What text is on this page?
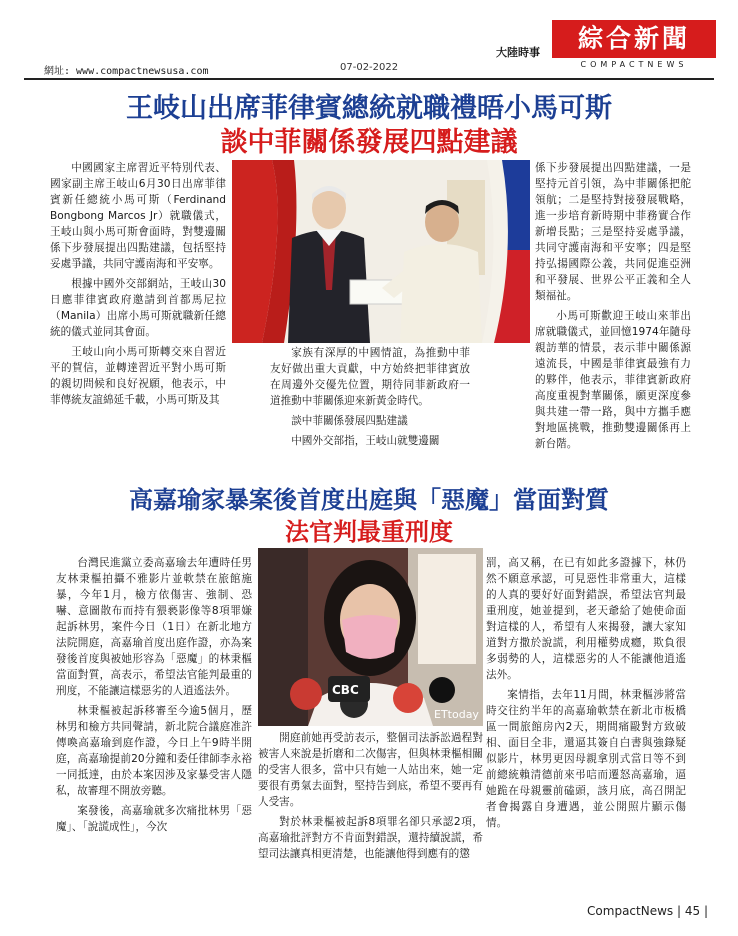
網址: www.compactnewsusa.com	07-02-2022
大陸時事	綜合新聞
COMPACTNEWS
王岐山出席菲律賓總統就職禮晤小馬可斯
談中菲關係發展四點建議

中國國家主席習近平特別代表、國家副主席王岐山6月30日出席菲律賓新任總統小馬可斯（Ferdinand Bongbong Marcos Jr）就職儀式，王岐山與小馬可斯會面時，對雙邊關係下步發展提出四點建議，包括堅持妥處爭議，共同守護南海和平安寧。

根據中國外交部網站，王岐山30日應菲律賓政府邀請到首都馬尼拉（Manila）出席小馬可斯就職新任總統的儀式並同其會面。

王岐山向小馬可斯轉交來自習近平的賀信，並轉達習近平對小馬可斯的親切問候和良好祝願，他表示，中菲傳統友誼綿延千載，小馬可斯及其

家族有深厚的中國情誼，為推動中菲友好做出重大貢獻，中方始終把菲律賓放在周邊外交優先位置，期待同菲新政府一道推動中菲關係迎來新黃金時代。

談中菲關係發展四點建議

中國外交部指，王岐山就雙邊關

係下步發展提出四點建議，一是堅持元首引領，為中菲關係把舵領航；二是堅持對接發展戰略，進一步培育新時期中菲務實合作新增長點；三是堅持妥處爭議，共同守護南海和平安寧；四是堅持弘揚國際公義，共同促進亞洲和平發展、世界公平正義和全人類福祉。

小馬可斯歡迎王岐山來菲出席就職儀式，並回憶1974年隨母親訪華的情景，表示菲中關係源遠流長，中國是菲律賓最強有力的夥伴，他表示，菲律賓新政府高度重視對華關係，願更深度參與共建一帶一路，與中方攜手應對地區挑戰，推動雙邊關係再上新台階。

高嘉瑜家暴案後首度出庭與「惡魔」當面對質
法官判最重刑度

台灣民進黨立委高嘉瑜去年遭時任男友林秉樞拍攝不雅影片並軟禁在旅館施暴，今年1月，檢方依傷害、強制、恐嚇、意圖散布而持有猥褻影像等8項罪嫌起訴林男，案件今日（1日）在新北地方法院開庭，高嘉瑜首度出庭作證，亦為案發後首度與被她形容為「惡魔」的林秉樞當面對質，高表示，希望法官能判最重的刑度，不能讓這樣惡劣的人逍遙法外。

林秉樞被起訴移審至今逾5個月，歷林男和檢方共同聲請，新北院合議庭准許傳喚高嘉瑜到庭作證，今日上午9時半開庭，高嘉瑜提前20分鐘和委任律師李永裕一同抵達，由於本案因涉及家暴受害人隱私，故審理不開放旁聽。

案發後，高嘉瑜就多次痛批林男「惡魔」、「說謊成性」，今次

CBC
ETtoday

開庭前她再受訪表示，整個司法訴訟過程對被害人來說是折磨和二次傷害，但與林秉樞相關的受害人很多，當中只有她一人站出來，她一定要很有勇氣去面對，堅持告到底，希望不要再有人受害。

對於林秉樞被起訴8項罪名卻只承認2項，高嘉瑜批評對方不肯面對錯誤，還持續說謊，希望司法讓真相更清楚，也能讓他得到應有的懲

罰，高又稱，在已有如此多證據下，林仍然不願意承認，可見惡性非常重大，這樣的人真的要好好面對錯誤，希望法官判最重刑度，她並提到，老天爺給了她使命面對這樣的人，希望有人來揭發，讓大家知道對方撒於說謊，利用權勢成癮，欺負很多弱勢的人，這樣惡劣的人不能讓他逍遙法外。

案情指，去年11月間，林秉樞涉將當時交往約半年的高嘉瑜軟禁在新北市板橋區一間旅館房內2天，期間痛毆對方致破相、面目全非，還逼其簽自白書與強錄疑似影片，林男更因母親拿別式當日等不到前總統賴清德前來弔唁而遷怒高嘉瑜，逼她跪在母親靈前磕頭，該月底，高召開記者會揭露自身遭遇，並公開照片顯示傷情。

CompactNews | 45 |
